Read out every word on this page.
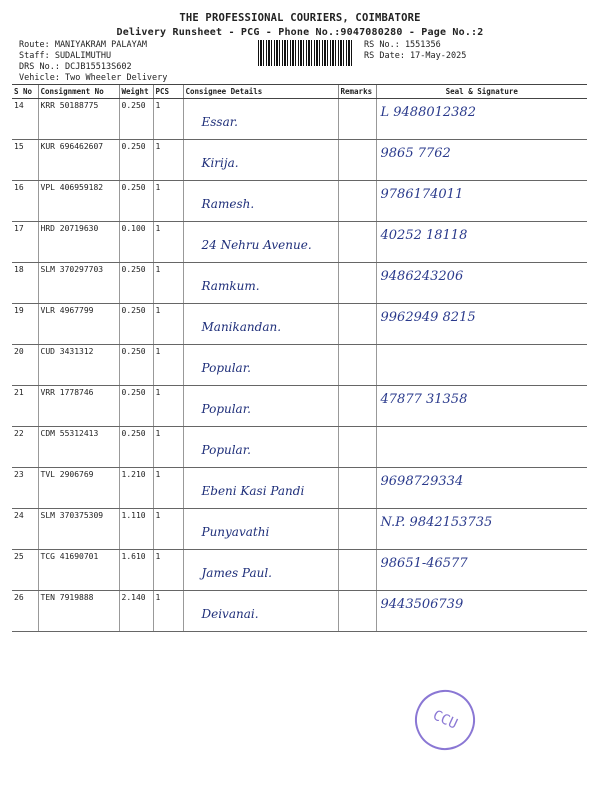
THE PROFESSIONAL COURIERS, COIMBATORE
Delivery Runsheet - PCG - Phone No.:9047080280 - Page No.:2
Route: MANIYAKRAM PALAYAM
Staff: SUDALIMUTHU
DRS No.: DCJB15513S602
Vehicle: Two Wheeler Delivery
RS No.: 1551356
RS Date: 17-May-2025
S No	Consignment No	Weight	PCS	Consignee Details	Remarks	Seal & Signature
14	KRR 50188775	0.250	1	Essar.		L 9488012382

15	KUR 696462607	0.250	1	Kirija.		9865 7762

16	VPL 406959182	0.250	1	Ramesh.		9786174011

17	HRD 20719630	0.100	1	24 Nehru Avenue.		40252 18118

18	SLM 370297703	0.250	1	Ramkum.		9486243206

19	VLR 4967799	0.250	1	Manikandan.		9962949 8215

20	CUD 3431312	0.250	1	Popular.		

21	VRR 1778746	0.250	1	Popular.		47877 31358

22	CDM 55312413	0.250	1	Popular.		

23	TVL 2906769	1.210	1	Ebeni Kasi Pandi		9698729334

24	SLM 370375309	1.110	1	Punyavathi		N.P. 9842153735

25	TCG 41690701	1.610	1	James Paul.		98651-46577

26	TEN 7919888	2.140	1	Deivanai.		9443506739
CCU
